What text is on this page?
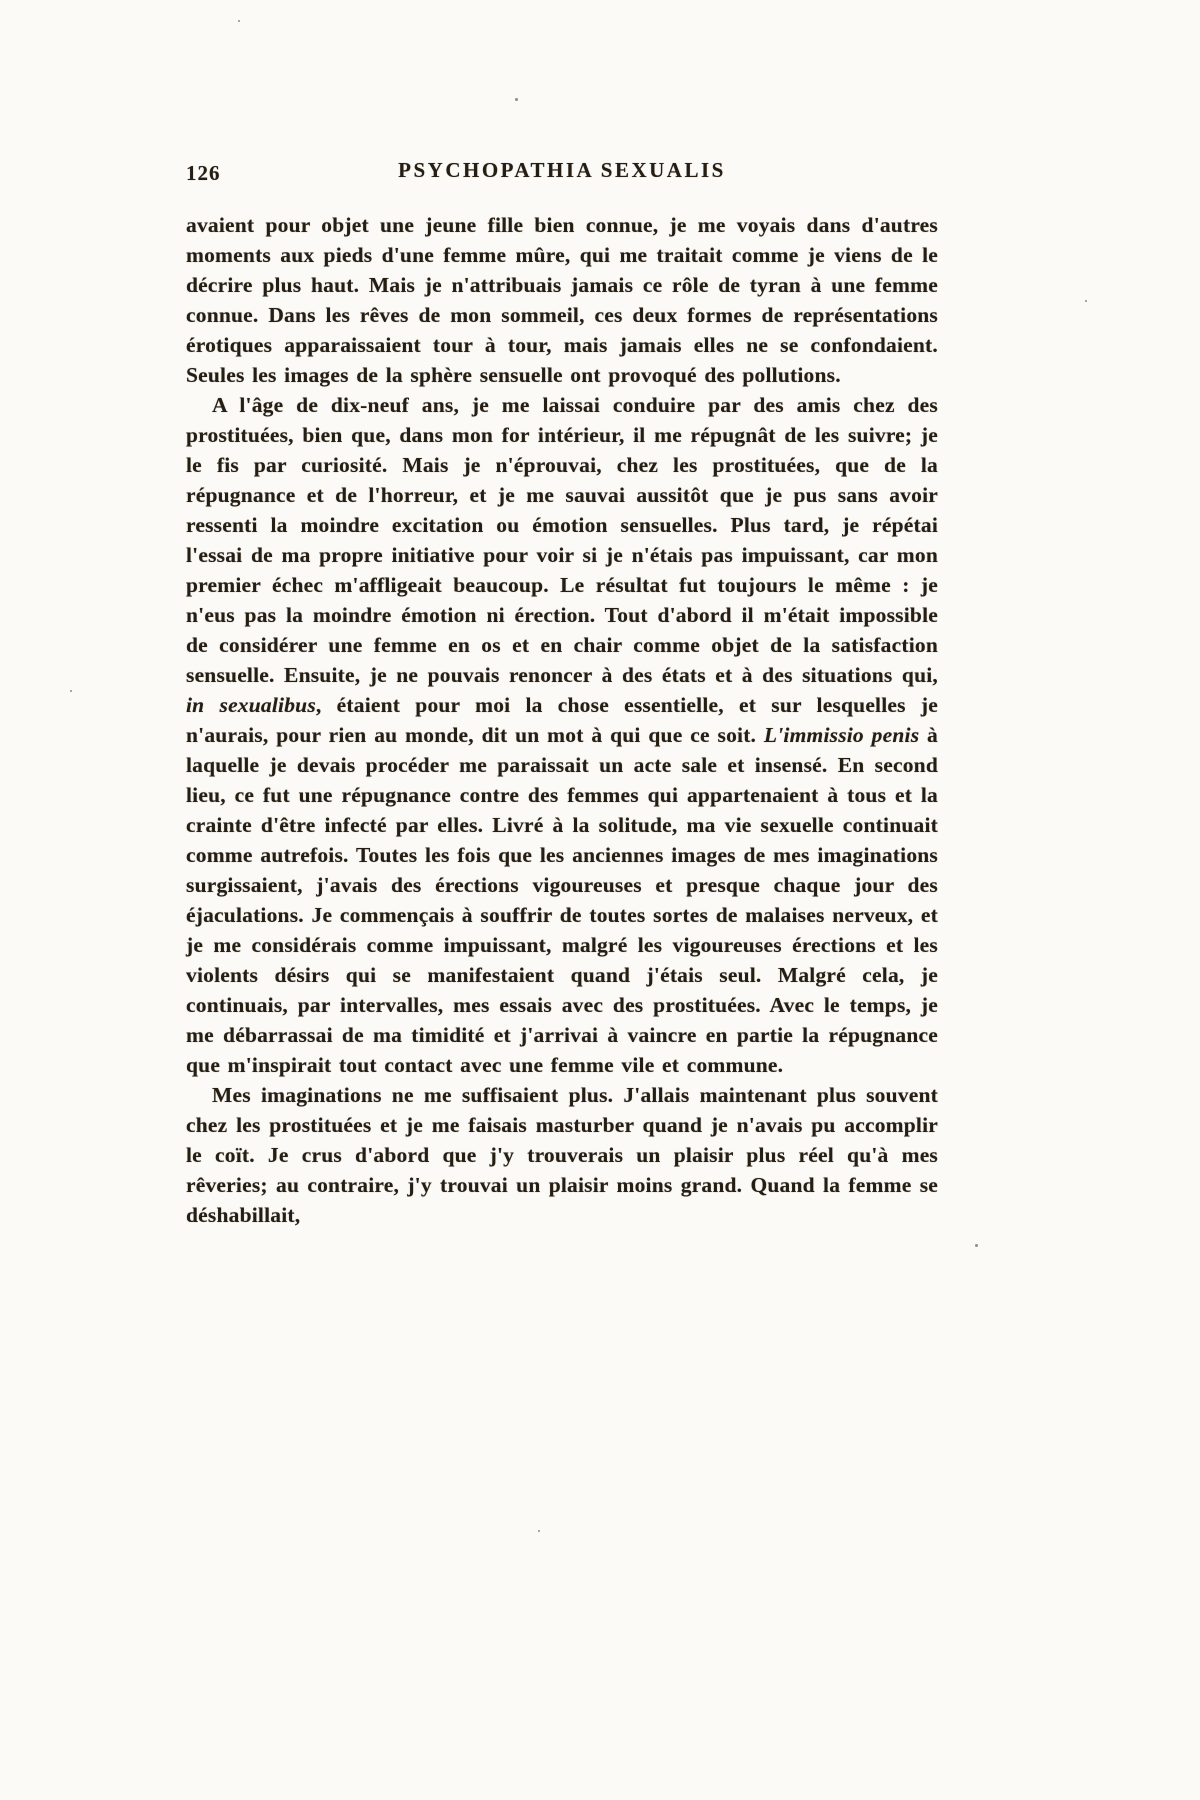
126	PSYCHOPATHIA SEXUALIS

avaient pour objet une jeune fille bien connue, je me voyais dans d'autres moments aux pieds d'une femme mûre, qui me traitait comme je viens de le décrire plus haut. Mais je n'attribuais jamais ce rôle de tyran à une femme connue. Dans les rêves de mon sommeil, ces deux formes de représentations érotiques apparaissaient tour à tour, mais jamais elles ne se confondaient. Seules les images de la sphère sensuelle ont provoqué des pollutions.

A l'âge de dix-neuf ans, je me laissai conduire par des amis chez des prostituées, bien que, dans mon for intérieur, il me répugnât de les suivre; je le fis par curiosité. Mais je n'éprouvai, chez les prostituées, que de la répugnance et de l'horreur, et je me sauvai aussitôt que je pus sans avoir ressenti la moindre excitation ou émotion sensuelles. Plus tard, je répétai l'essai de ma propre initiative pour voir si je n'étais pas impuissant, car mon premier échec m'affligeait beaucoup. Le résultat fut toujours le même : je n'eus pas la moindre émotion ni érection. Tout d'abord il m'était impossible de considérer une femme en os et en chair comme objet de la satisfaction sensuelle. Ensuite, je ne pouvais renoncer à des états et à des situations qui, in sexualibus, étaient pour moi la chose essentielle, et sur lesquelles je n'aurais, pour rien au monde, dit un mot à qui que ce soit. L'immissio penis à laquelle je devais procéder me paraissait un acte sale et insensé. En second lieu, ce fut une répugnance contre des femmes qui appartenaient à tous et la crainte d'être infecté par elles. Livré à la solitude, ma vie sexuelle continuait comme autrefois. Toutes les fois que les anciennes images de mes imaginations surgissaient, j'avais des érections vigoureuses et presque chaque jour des éjaculations. Je commençais à souffrir de toutes sortes de malaises nerveux, et je me considérais comme impuissant, malgré les vigoureuses érections et les violents désirs qui se manifestaient quand j'étais seul. Malgré cela, je continuais, par intervalles, mes essais avec des prostituées. Avec le temps, je me débarrassai de ma timidité et j'arrivai à vaincre en partie la répugnance que m'inspirait tout contact avec une femme vile et commune.

Mes imaginations ne me suffisaient plus. J'allais maintenant plus souvent chez les prostituées et je me faisais masturber quand je n'avais pu accomplir le coït. Je crus d'abord que j'y trouverais un plaisir plus réel qu'à mes rêveries; au contraire, j'y trouvai un plaisir moins grand. Quand la femme se déshabillait,
